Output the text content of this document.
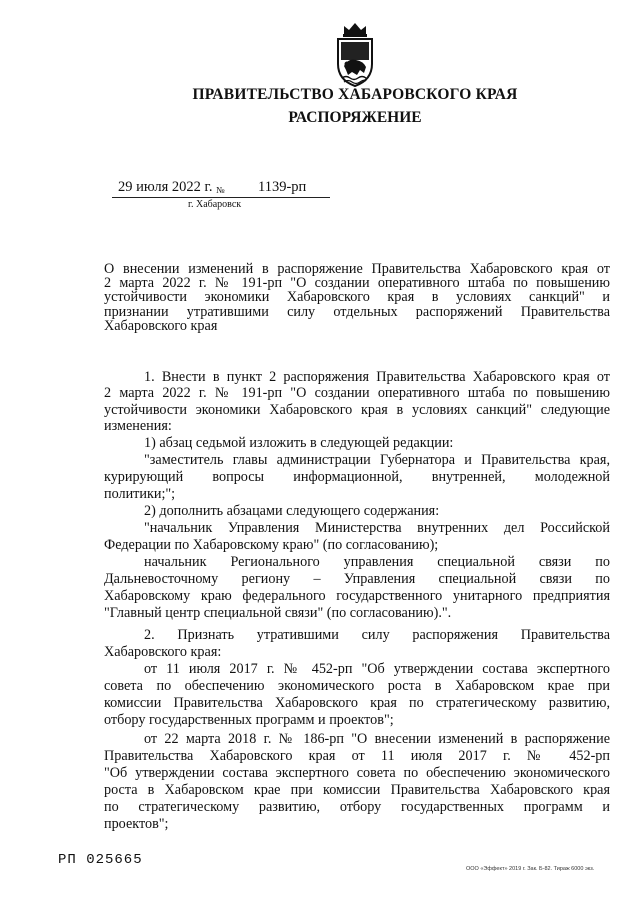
ПРАВИТЕЛЬСТВО ХАБАРОВСКОГО КРАЯ
РАСПОРЯЖЕНИЕ
29 июля 2022 г. № 1139-рп
г. Хабаровск
О внесении изменений в распоряжение Правительства Хабаровского края от
2 марта 2022 г. № 191-рп "О создании оперативного штаба по повышению
устойчивости экономики Хабаровского края в условиях санкций" и
признании утратившими силу отдельных распоряжений Правительства
Хабаровского края
1. Внести в пункт 2 распоряжения Правительства Хабаровского края от
2 марта 2022 г. № 191-рп "О создании оперативного штаба по повышению
устойчивости экономики Хабаровского края в условиях санкций" следующие
изменения:
1) абзац седьмой изложить в следующей редакции:
"заместитель главы администрации Губернатора и Правительства края,
курирующий вопросы информационной, внутренней, молодежной
политики;";
2) дополнить абзацами следующего содержания:
"начальник Управления Министерства внутренних дел Российской
Федерации по Хабаровскому краю" (по согласованию);
начальник Регионального управления специальной связи по
Дальневосточному региону – Управления специальной связи по
Хабаровскому краю федерального государственного унитарного предприятия
"Главный центр специальной связи" (по согласованию).".
2. Признать утратившими силу распоряжения Правительства
Хабаровского края:
от 11 июля 2017 г. № 452-рп "Об утверждении состава экспертного
совета по обеспечению экономического роста в Хабаровском крае при
комиссии Правительства Хабаровского края по стратегическому развитию,
отбору государственных программ и проектов";
от 22 марта 2018 г. № 186-рп "О внесении изменений в распоряжение
Правительства Хабаровского края от 11 июля 2017 г. № 452-рп
"Об утверждении состава экспертного совета по обеспечению экономического
роста в Хабаровском крае при комиссии Правительства Хабаровского края
по стратегическому развитию, отбору государственных программ и
проектов";
РП 025665
ООО «Эффект» 2019 г. Зак. Б-82. Тираж 6000 экз.
